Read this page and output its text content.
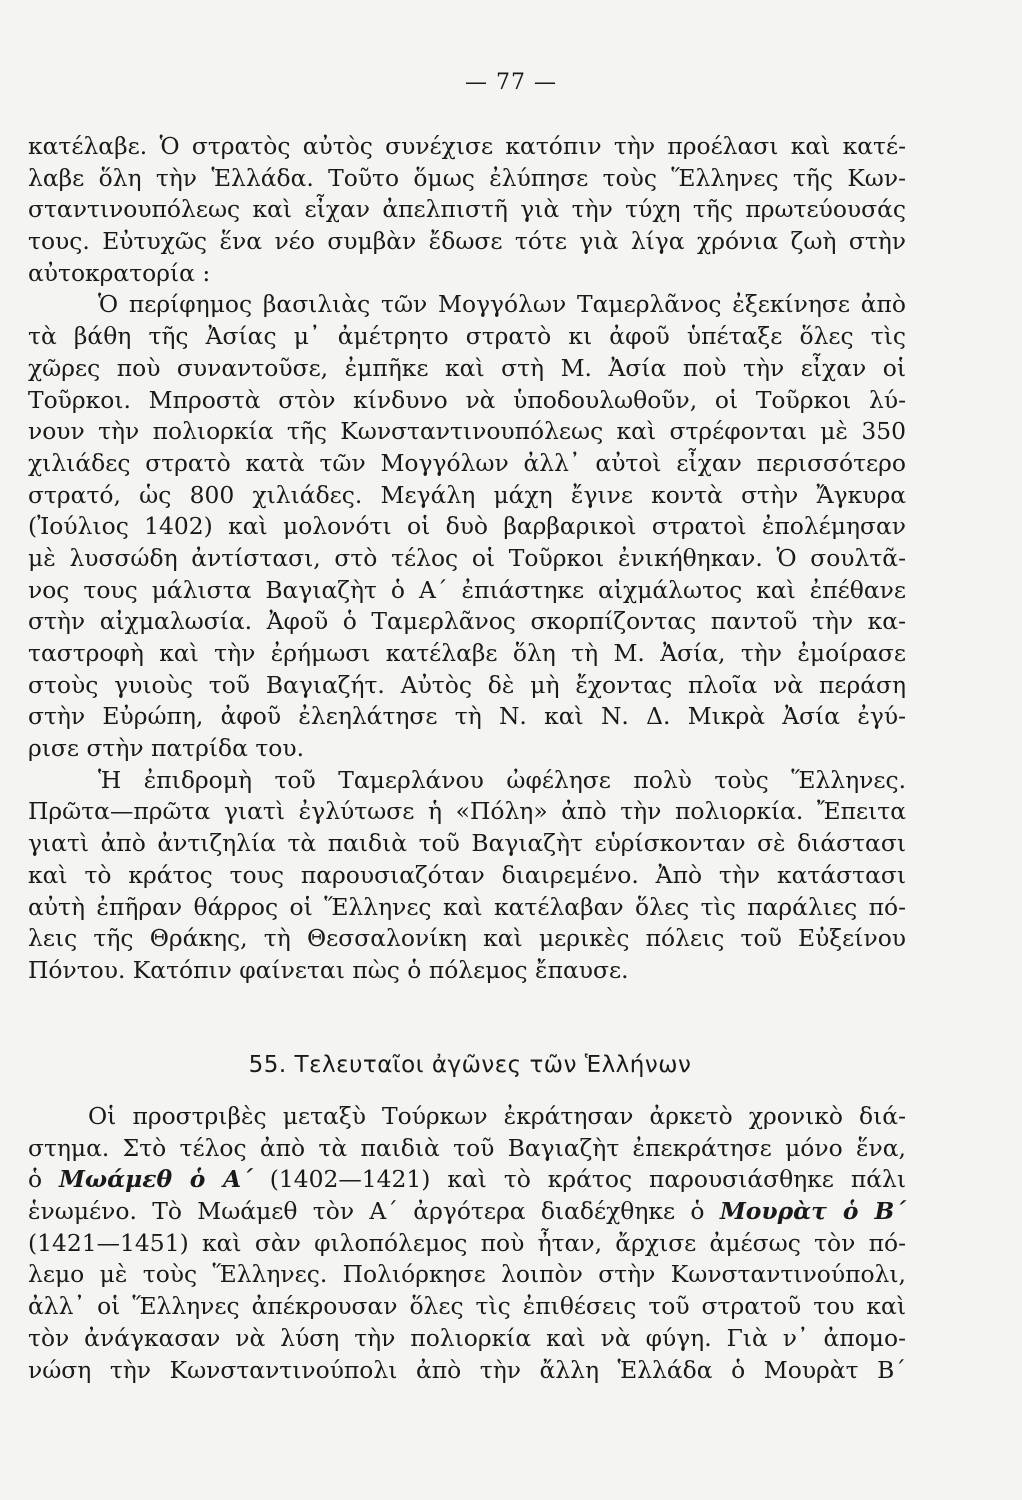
— 77 —
κατέλαβε. Ὁ στρατὸς αὐτὸς συνέχισε κατόπιν τὴν προέλασι καὶ κατέ-
λαβε ὅλη τὴν Ἑλλάδα. Τοῦτο ὅμως ἐλύπησε τοὺς Ἕλληνες τῆς Κων-
σταντινουπόλεως καὶ εἶχαν ἀπελπιστῆ γιὰ τὴν τύχη τῆς πρωτεύουσάς
τους. Εὐτυχῶς ἕνα νέο συμβὰν ἔδωσε τότε γιὰ λίγα χρόνια ζωὴ στὴν
αὐτοκρατορία :
Ὁ περίφημος βασιλιὰς τῶν Μογγόλων Ταμερλᾶνος ἐξεκίνησε ἀπὸ
τὰ βάθη τῆς Ἀσίας μ᾽ ἀμέτρητο στρατὸ κι ἀφοῦ ὑπέταξε ὅλες τὶς
χῶρες ποὺ συναντοῦσε, ἐμπῆκε καὶ στὴ Μ. Ἀσία ποὺ τὴν εἶχαν οἱ
Τοῦρκοι. Μπροστὰ στὸν κίνδυνο νὰ ὑποδουλωθοῦν, οἱ Τοῦρκοι λύ-
νουν τὴν πολιορκία τῆς Κωνσταντινουπόλεως καὶ στρέφονται μὲ 350
χιλιάδες στρατὸ κατὰ τῶν Μογγόλων ἀλλ᾽ αὐτοὶ εἶχαν περισσότερο
στρατό, ὡς 800 χιλιάδες. Μεγάλη μάχη ἔγινε κοντὰ στὴν Ἄγκυρα
(Ἰούλιος 1402) καὶ μολονότι οἱ δυὸ βαρβαρικοὶ στρατοὶ ἐπολέμησαν
μὲ λυσσώδη ἀντίστασι, στὸ τέλος οἱ Τοῦρκοι ἐνικήθηκαν. Ὁ σουλτᾶ-
νος τους μάλιστα Βαγιαζὴτ ὁ Α´ ἐπιάστηκε αἰχμάλωτος καὶ ἐπέθανε
στὴν αἰχμαλωσία. Ἀφοῦ ὁ Ταμερλᾶνος σκορπίζοντας παντοῦ τὴν κα-
ταστροφὴ καὶ τὴν ἐρήμωσι κατέλαβε ὅλη τὴ Μ. Ἀσία, τὴν ἐμοίρασε
στοὺς γυιοὺς τοῦ Βαγιαζήτ. Αὐτὸς δὲ μὴ ἔχοντας πλοῖα νὰ περάση
στὴν Εὐρώπη, ἀφοῦ ἐλεηλάτησε τὴ Ν. καὶ Ν. Δ. Μικρὰ Ἀσία ἐγύ-
ρισε στὴν πατρίδα του.
Ἡ ἐπιδρομὴ τοῦ Ταμερλάνου ὠφέλησε πολὺ τοὺς Ἕλληνες.
Πρῶτα—πρῶτα γιατὶ ἐγλύτωσε ἡ «Πόλη» ἀπὸ τὴν πολιορκία. Ἔπειτα
γιατὶ ἀπὸ ἀντιζηλία τὰ παιδιὰ τοῦ Βαγιαζὴτ εὑρίσκονταν σὲ διάστασι
καὶ τὸ κράτος τους παρουσιαζόταν διαιρεμένο. Ἀπὸ τὴν κατάστασι
αὐτὴ ἐπῆραν θάρρος οἱ Ἕλληνες καὶ κατέλαβαν ὅλες τὶς παράλιες πό-
λεις τῆς Θράκης, τὴ Θεσσαλονίκη καὶ μερικὲς πόλεις τοῦ Εὐξείνου
Πόντου. Κατόπιν φαίνεται πὼς ὁ πόλεμος ἔπαυσε.
55. Τελευταῖοι ἀγῶνες τῶν Ἑλλήνων
Οἱ προστριβὲς μεταξὺ Τούρκων ἐκράτησαν ἀρκετὸ χρονικὸ διά-
στημα. Στὸ τέλος ἀπὸ τὰ παιδιὰ τοῦ Βαγιαζὴτ ἐπεκράτησε μόνο ἕνα,
ὁ Μωάμεθ ὁ Α´ (1402—1421) καὶ τὸ κράτος παρουσιάσθηκε πάλι
ἑνωμένο. Τὸ Μωάμεθ τὸν Α´ ἀργότερα διαδέχθηκε ὁ Μουρὰτ ὁ Β´
(1421—1451) καὶ σὰν φιλοπόλεμος ποὺ ἦταν, ἄρχισε ἀμέσως τὸν πό-
λεμο μὲ τοὺς Ἕλληνες. Πολιόρκησε λοιπὸν στὴν Κωνσταντινούπολι,
ἀλλ᾽ οἱ Ἕλληνες ἀπέκρουσαν ὅλες τὶς ἐπιθέσεις τοῦ στρατοῦ του καὶ
τὸν ἀνάγκασαν νὰ λύση τὴν πολιορκία καὶ νὰ φύγη. Γιὰ ν᾽ ἀπομο-
νώση τὴν Κωνσταντινούπολι ἀπὸ τὴν ἄλλη Ἑλλάδα ὁ Μουρὰτ Β´
